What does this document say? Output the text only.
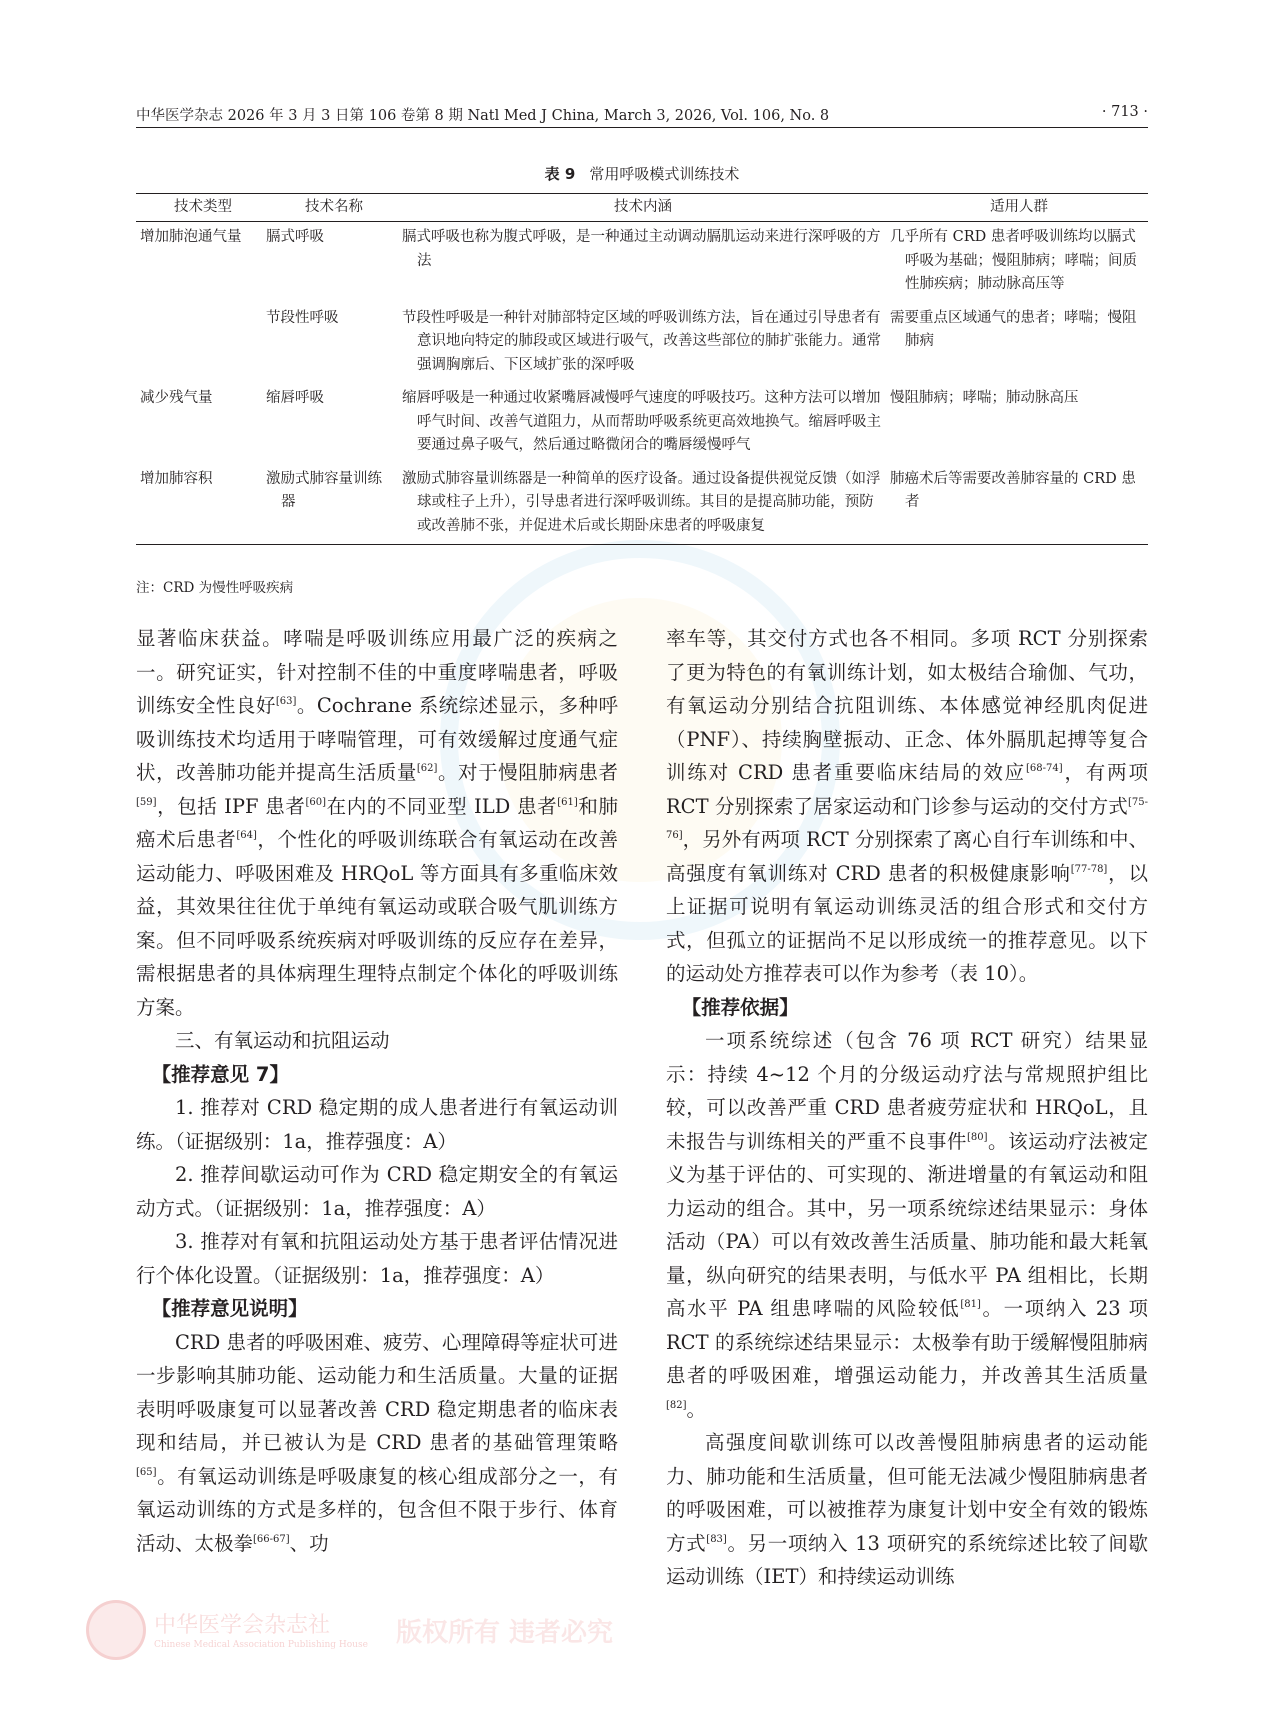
中华医学杂志 2026 年 3 月 3 日第 106 卷第 8 期 Natl Med J China, March 3, 2026, Vol. 106, No. 8	· 713 ·
表 9 常用呼吸模式训练技术
技术类型	技术名称	技术内涵	适用人群
增加肺泡通气量	膈式呼吸	膈式呼吸也称为腹式呼吸，是一种通过主动调动膈肌运动来进行深呼吸的方法	几乎所有 CRD 患者呼吸训练均以膈式呼吸为基础；慢阻肺病；哮喘；间质性肺疾病；肺动脉高压等
	节段性呼吸	节段性呼吸是一种针对肺部特定区域的呼吸训练方法，旨在通过引导患者有意识地向特定的肺段或区域进行吸气，改善这些部位的肺扩张能力。通常强调胸廓后、下区域扩张的深呼吸	需要重点区域通气的患者；哮喘；慢阻肺病
减少残气量	缩唇呼吸	缩唇呼吸是一种通过收紧嘴唇减慢呼气速度的呼吸技巧。这种方法可以增加呼气时间、改善气道阻力，从而帮助呼吸系统更高效地换气。缩唇呼吸主要通过鼻子吸气，然后通过略微闭合的嘴唇缓慢呼气	慢阻肺病；哮喘；肺动脉高压
增加肺容积	激励式肺容量训练器	激励式肺容量训练器是一种简单的医疗设备。通过设备提供视觉反馈（如浮球或柱子上升），引导患者进行深呼吸训练。其目的是提高肺功能，预防或改善肺不张，并促进术后或长期卧床患者的呼吸康复	肺癌术后等需要改善肺容量的 CRD 患者
注：CRD 为慢性呼吸疾病

显著临床获益。哮喘是呼吸训练应用最广泛的疾病之一。研究证实，针对控制不佳的中重度哮喘患者，呼吸训练安全性良好[63]。Cochrane 系统综述显示，多种呼吸训练技术均适用于哮喘管理，可有效缓解过度通气症状，改善肺功能并提高生活质量[62]。对于慢阻肺病患者[59]，包括 IPF 患者[60]在内的不同亚型 ILD 患者[61]和肺癌术后患者[64]，个性化的呼吸训练联合有氧运动在改善运动能力、呼吸困难及 HRQoL 等方面具有多重临床效益，其效果往往优于单纯有氧运动或联合吸气肌训练方案。但不同呼吸系统疾病对呼吸训练的反应存在差异，需根据患者的具体病理生理特点制定个体化的呼吸训练方案。

三、有氧运动和抗阻运动

【推荐意见 7】

1. 推荐对 CRD 稳定期的成人患者进行有氧运动训练。（证据级别：1a，推荐强度：A）

2. 推荐间歇运动可作为 CRD 稳定期安全的有氧运动方式。（证据级别：1a，推荐强度：A）

3. 推荐对有氧和抗阻运动处方基于患者评估情况进行个体化设置。（证据级别：1a，推荐强度：A）

【推荐意见说明】

CRD 患者的呼吸困难、疲劳、心理障碍等症状可进一步影响其肺功能、运动能力和生活质量。大量的证据表明呼吸康复可以显著改善 CRD 稳定期患者的临床表现和结局，并已被认为是 CRD 患者的基础管理策略[65]。有氧运动训练是呼吸康复的核心组成部分之一，有氧运动训练的方式是多样的，包含但不限于步行、体育活动、太极拳[66-67]、功

率车等，其交付方式也各不相同。多项 RCT 分别探索了更为特色的有氧训练计划，如太极结合瑜伽、气功，有氧运动分别结合抗阻训练、本体感觉神经肌肉促进（PNF）、持续胸壁振动、正念、体外膈肌起搏等复合训练对 CRD 患者重要临床结局的效应[68-74]，有两项 RCT 分别探索了居家运动和门诊参与运动的交付方式[75-76]，另外有两项 RCT 分别探索了离心自行车训练和中、高强度有氧训练对 CRD 患者的积极健康影响[77-78]，以上证据可说明有氧运动训练灵活的组合形式和交付方式，但孤立的证据尚不足以形成统一的推荐意见。以下的运动处方推荐表可以作为参考（表 10）。

【推荐依据】

一项系统综述（包含 76 项 RCT 研究）结果显示：持续 4~12 个月的分级运动疗法与常规照护组比较，可以改善严重 CRD 患者疲劳症状和 HRQoL，且未报告与训练相关的严重不良事件[80]。该运动疗法被定义为基于评估的、可实现的、渐进增量的有氧运动和阻力运动的组合。其中，另一项系统综述结果显示：身体活动（PA）可以有效改善生活质量、肺功能和最大耗氧量，纵向研究的结果表明，与低水平 PA 组相比，长期高水平 PA 组患哮喘的风险较低[81]。一项纳入 23 项 RCT 的系统综述结果显示：太极拳有助于缓解慢阻肺病患者的呼吸困难，增强运动能力，并改善其生活质量[82]。

高强度间歇训练可以改善慢阻肺病患者的运动能力、肺功能和生活质量，但可能无法减少慢阻肺病患者的呼吸困难，可以被推荐为康复计划中安全有效的锻炼方式[83]。另一项纳入 13 项研究的系统综述比较了间歇运动训练（IET）和持续运动训练

中华医学会杂志社
Chinese Medical Association Publishing House 版权所有 违者必究
